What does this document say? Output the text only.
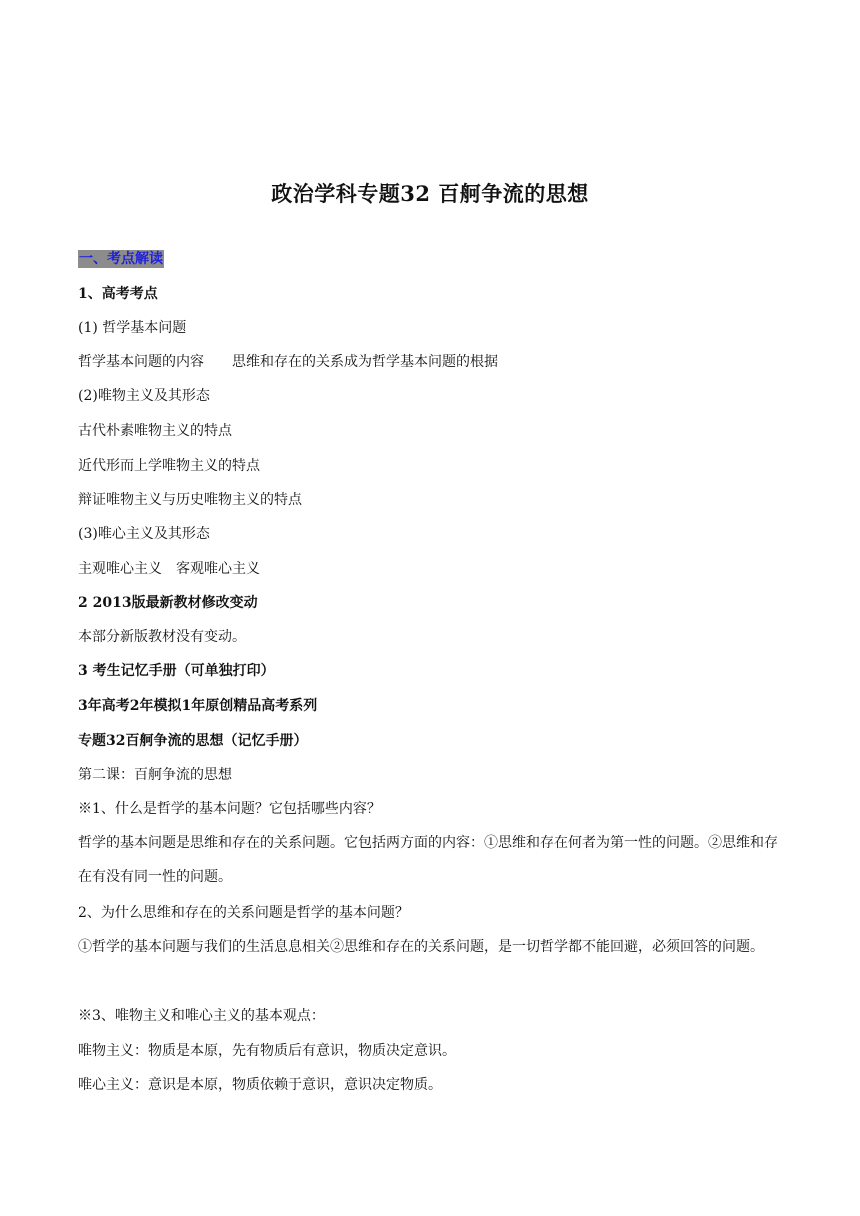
政治学科专题32 百舸争流的思想
一、考点解读
1、高考考点
(1) 哲学基本问题
哲学基本问题的内容　　思维和存在的关系成为哲学基本问题的根据
(2)唯物主义及其形态
古代朴素唯物主义的特点
近代形而上学唯物主义的特点
辩证唯物主义与历史唯物主义的特点
(3)唯心主义及其形态
主观唯心主义　客观唯心主义
2 2013版最新教材修改变动
本部分新版教材没有变动。
3 考生记忆手册（可单独打印）
3年高考2年模拟1年原创精品高考系列
专题32百舸争流的思想（记忆手册）
第二课：百舸争流的思想
※1、什么是哲学的基本问题？它包括哪些内容？
哲学的基本问题是思维和存在的关系问题。它包括两方面的内容：①思维和存在何者为第一性的问题。②思维和存在有没有同一性的问题。
2、为什么思维和存在的关系问题是哲学的基本问题？
①哲学的基本问题与我们的生活息息相关②思维和存在的关系问题，是一切哲学都不能回避，必须回答的问题。
※3、唯物主义和唯心主义的基本观点：
唯物主义：物质是本原，先有物质后有意识，物质决定意识。
唯心主义：意识是本原，物质依赖于意识，意识决定物质。
